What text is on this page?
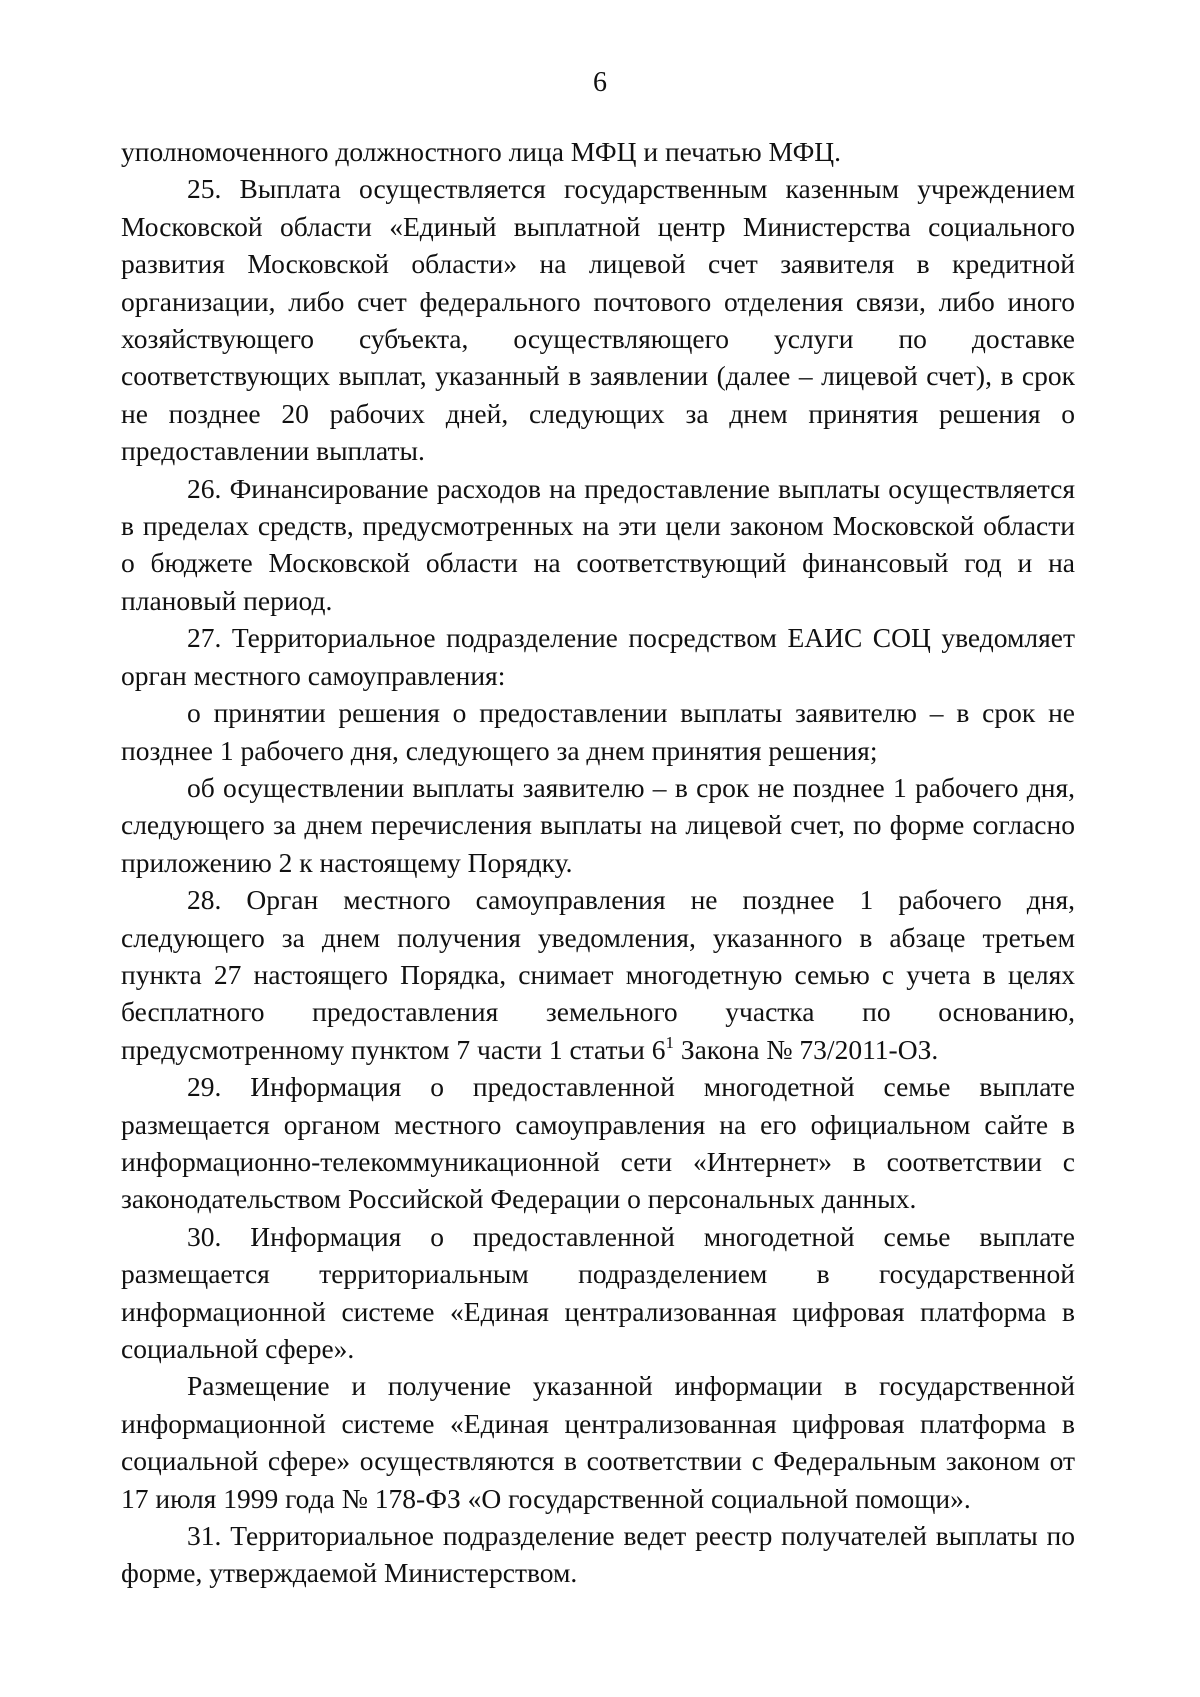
6

уполномоченного должностного лица МФЦ и печатью МФЦ.

25. Выплата осуществляется государственным казенным учреждением Московской области «Единый выплатной центр Министерства социального развития Московской области» на лицевой счет заявителя в кредитной организации, либо счет федерального почтового отделения связи, либо иного хозяйствующего субъекта, осуществляющего услуги по доставке соответствующих выплат, указанный в заявлении (далее – лицевой счет), в срок не позднее 20 рабочих дней, следующих за днем принятия решения о предоставлении выплаты.

26. Финансирование расходов на предоставление выплаты осуществляется в пределах средств, предусмотренных на эти цели законом Московской области о бюджете Московской области на соответствующий финансовый год и на плановый период.

27. Территориальное подразделение посредством ЕАИС СОЦ уведомляет орган местного самоуправления:

о принятии решения о предоставлении выплаты заявителю – в срок не позднее 1 рабочего дня, следующего за днем принятия решения;

об осуществлении выплаты заявителю – в срок не позднее 1 рабочего дня, следующего за днем перечисления выплаты на лицевой счет, по форме согласно приложению 2 к настоящему Порядку.

28. Орган местного самоуправления не позднее 1 рабочего дня, следующего за днем получения уведомления, указанного в абзаце третьем пункта 27 настоящего Порядка, снимает многодетную семью с учета в целях бесплатного предоставления земельного участка по основанию, предусмотренному пунктом 7 части 1 статьи $6^1$ Закона № 73/2011-ОЗ.

29. Информация о предоставленной многодетной семье выплате размещается органом местного самоуправления на его официальном сайте в информационно-телекоммуникационной сети «Интернет» в соответствии с законодательством Российской Федерации о персональных данных.

30. Информация о предоставленной многодетной семье выплате размещается территориальным подразделением в государственной информационной системе «Единая централизованная цифровая платформа в социальной сфере».

Размещение и получение указанной информации в государственной информационной системе «Единая централизованная цифровая платформа в социальной сфере» осуществляются в соответствии с Федеральным законом от 17 июля 1999 года № 178-ФЗ «О государственной социальной помощи».

31. Территориальное подразделение ведет реестр получателей выплаты по форме, утверждаемой Министерством.
